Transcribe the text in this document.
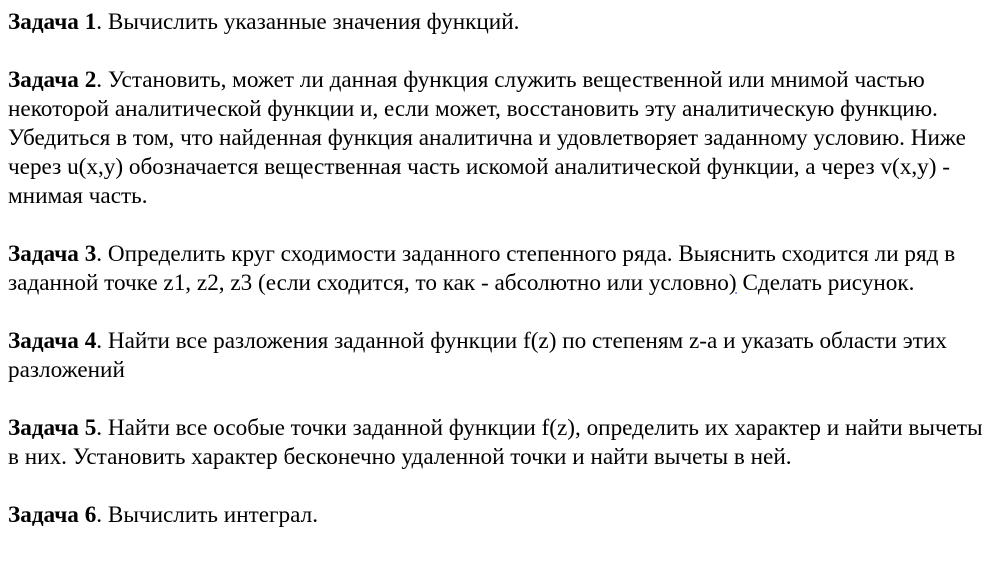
Задача 1. Вычислить указанные значения функций.

Задача 2. Установить, может ли данная функция служить вещественной или мнимой частью некоторой аналитической функции и, если может, восстановить эту аналитическую функцию. Убедиться в том, что найденная функция аналитична и удовлетворяет заданному условию. Ниже через u(x,y) обозначается вещественная часть искомой аналитической функции, а через v(x,y) - мнимая часть.

Задача 3. Определить круг сходимости заданного степенного ряда. Выяснить сходится ли ряд в заданной точке z1, z2, z3 (если сходится, то как - абсолютно или условно) Сделать рисунок.

Задача 4. Найти все разложения заданной функции f(z) по степеням z-a и указать области этих разложений

Задача 5. Найти все особые точки заданной функции f(z), определить их характер и найти вычеты в них. Установить характер бесконечно удаленной точки и найти вычеты в ней.

Задача 6. Вычислить интеграл.
